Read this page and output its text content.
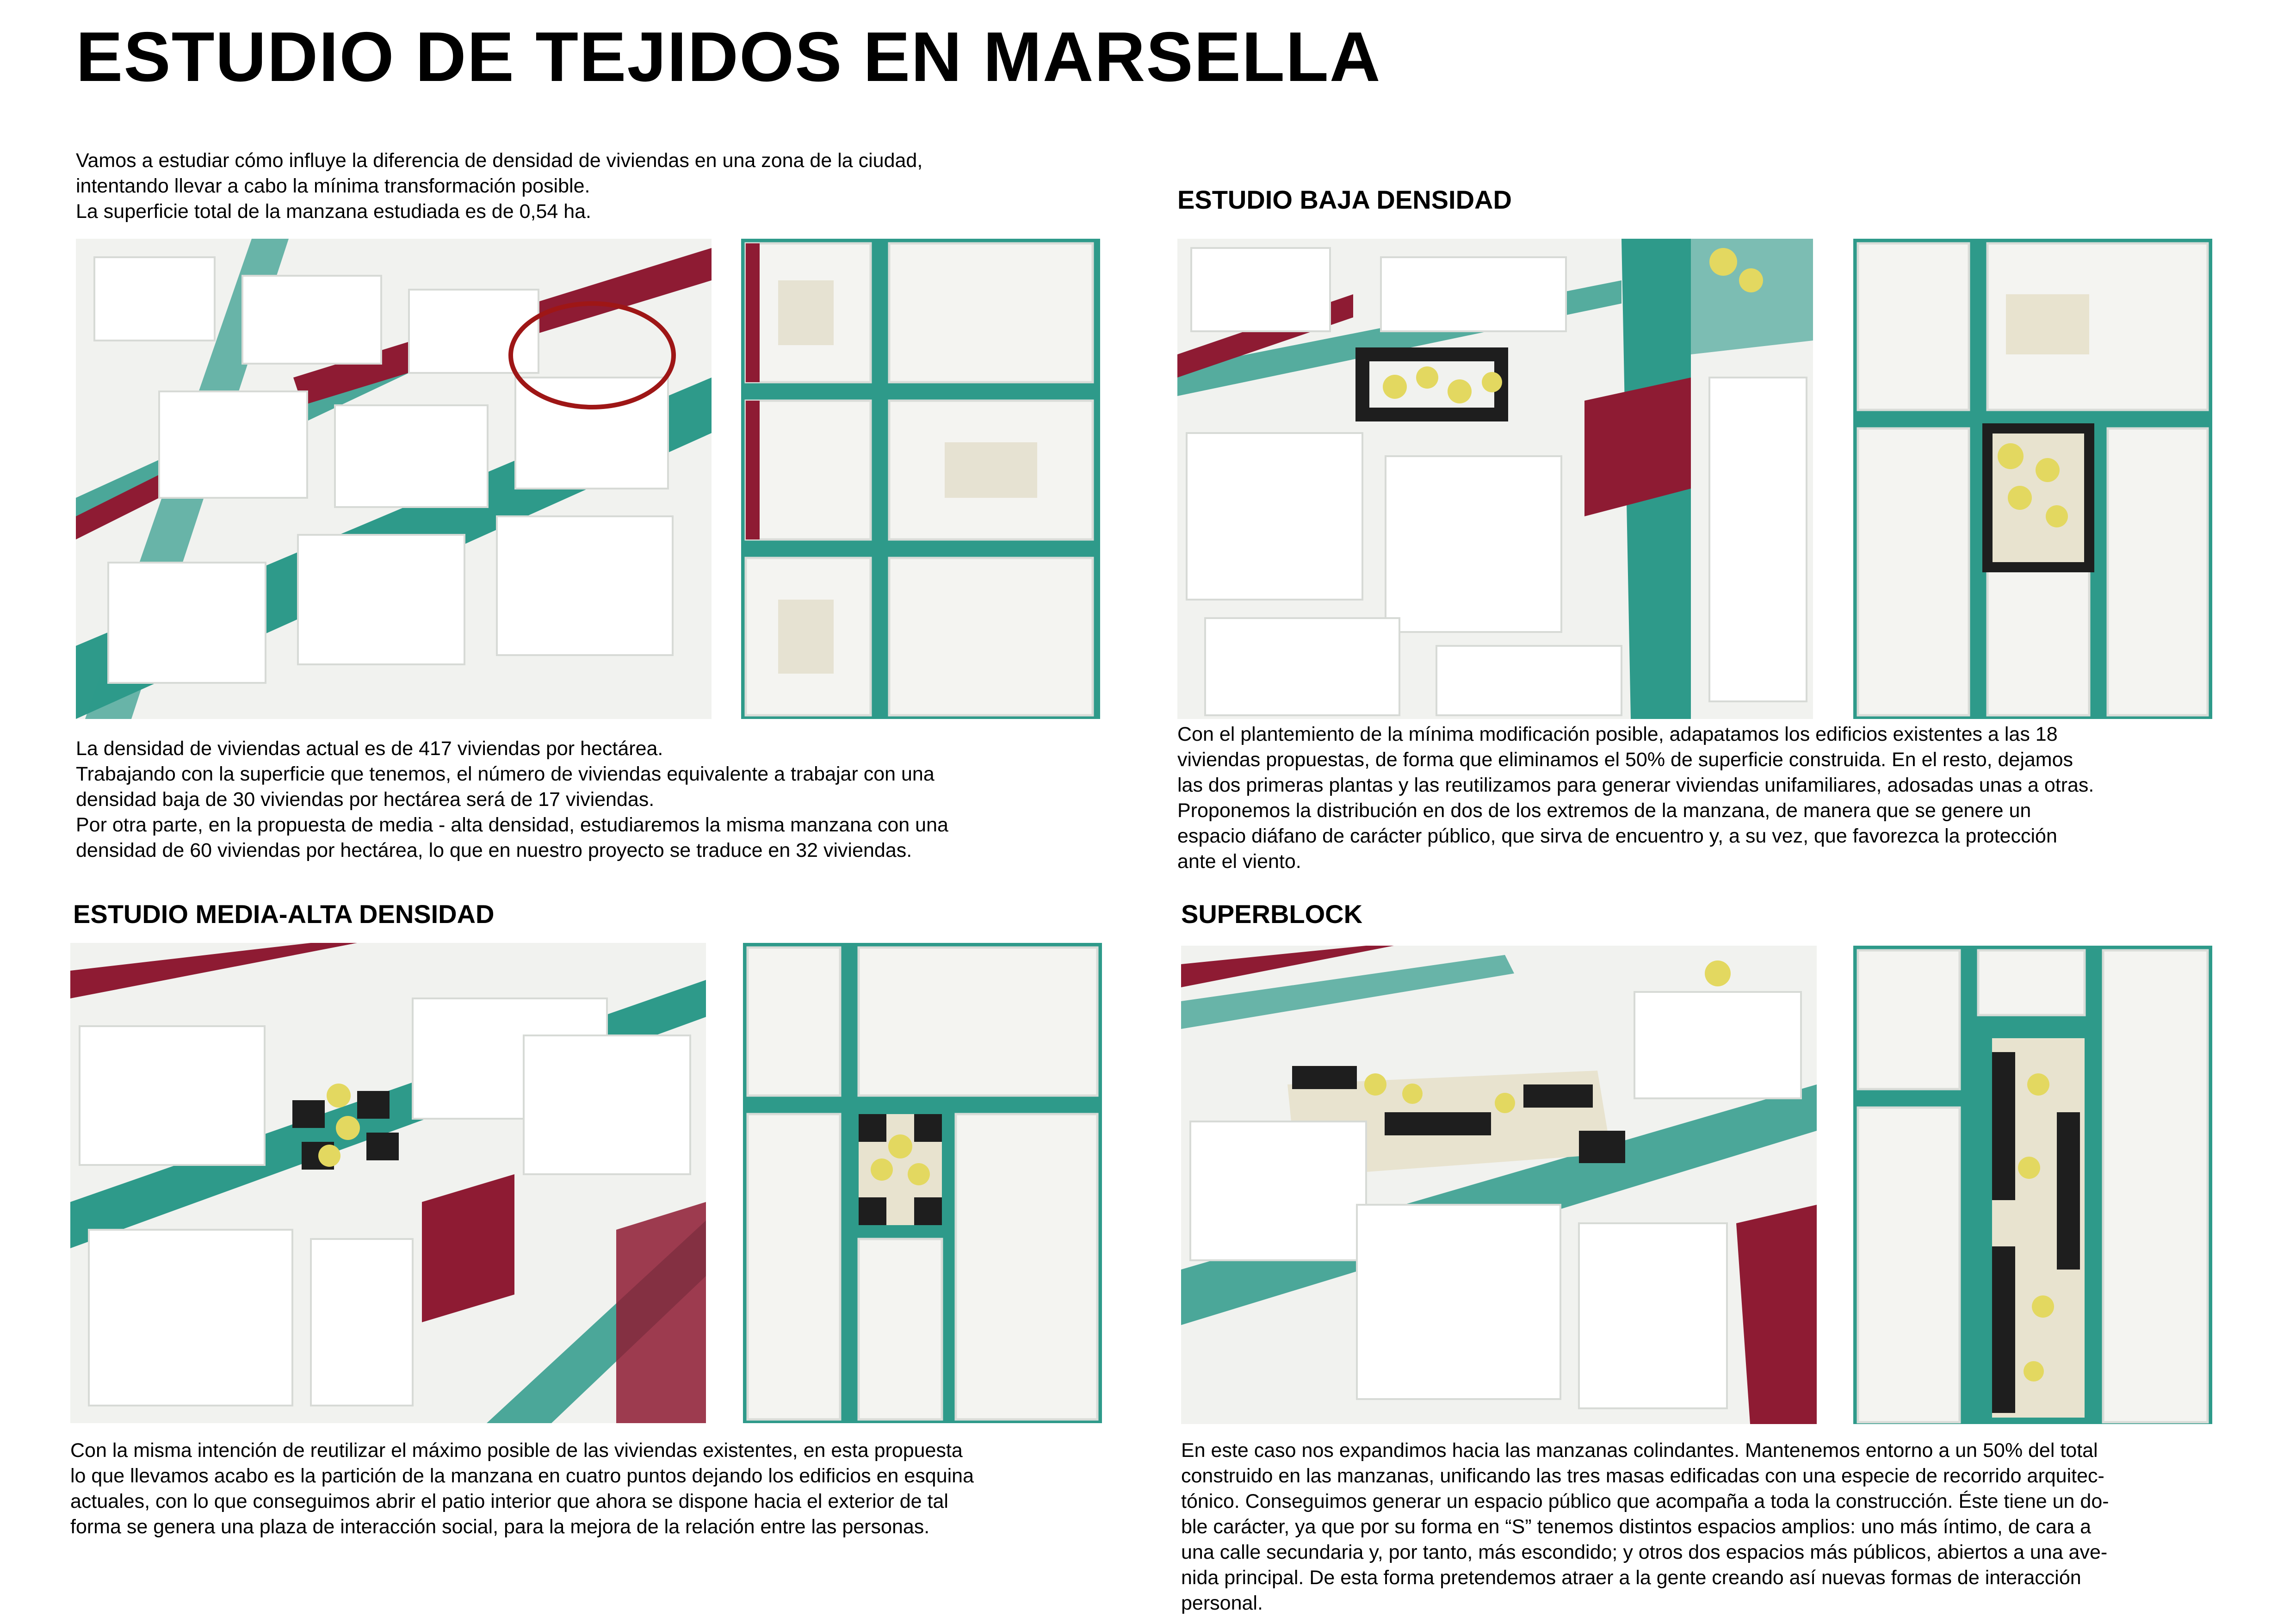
ESTUDIO DE TEJIDOS EN MARSELLA
Vamos a estudiar cómo influye la diferencia de densidad de viviendas en una zona de la ciudad,
intentando llevar a cabo la mínima transformación posible.
La superficie total de la manzana estudiada es de 0,54 ha.	ESTUDIO BAJA DENSIDAD
ESTUDIO MEDIA-ALTA DENSIDAD	SUPERBLOCK
La densidad de viviendas actual es de 417 viviendas por hectárea.
Trabajando con la superficie que tenemos, el número de viviendas equivalente a trabajar con una
densidad baja de 30 viviendas por hectárea será de 17 viviendas.
Por otra parte, en la propuesta de media - alta densidad, estudiaremos la misma manzana con una
densidad de 60 viviendas por hectárea, lo que en nuestro proyecto se traduce en 32 viviendas.
Con el plantemiento de la mínima modificación posible, adapatamos los edificios existentes a las 18
viviendas propuestas, de forma que eliminamos el 50% de superficie construida. En el resto, dejamos
las dos primeras plantas y las reutilizamos para generar viviendas unifamiliares, adosadas unas a otras.
Proponemos la distribución en dos de los extremos de la manzana, de manera que se genere un
espacio diáfano de carácter público, que sirva de encuentro y, a su vez, que favorezca la protección
ante el viento.
Con la misma intención de reutilizar el máximo posible de las viviendas existentes, en esta propuesta
lo que llevamos acabo es la partición de la manzana en cuatro puntos dejando los edificios en esquina
actuales, con lo que conseguimos abrir el patio interior que ahora se dispone hacia el exterior de tal
forma se genera una plaza de interacción social, para la mejora de la relación entre las personas.
En este caso nos expandimos hacia las manzanas colindantes. Mantenemos entorno a un 50% del total
construido en las manzanas, unificando las tres masas edificadas con una especie de recorrido arquitec-
tónico. Conseguimos generar un espacio público que acompaña a toda la construcción. Éste tiene un do-
ble carácter, ya que por su forma en “S” tenemos distintos espacios amplios: uno más íntimo, de cara a
una calle secundaria y, por tanto, más escondido; y otros dos espacios más públicos, abiertos a una ave-
nida principal. De esta forma pretendemos atraer a la gente creando así nuevas formas de interacción
personal.
